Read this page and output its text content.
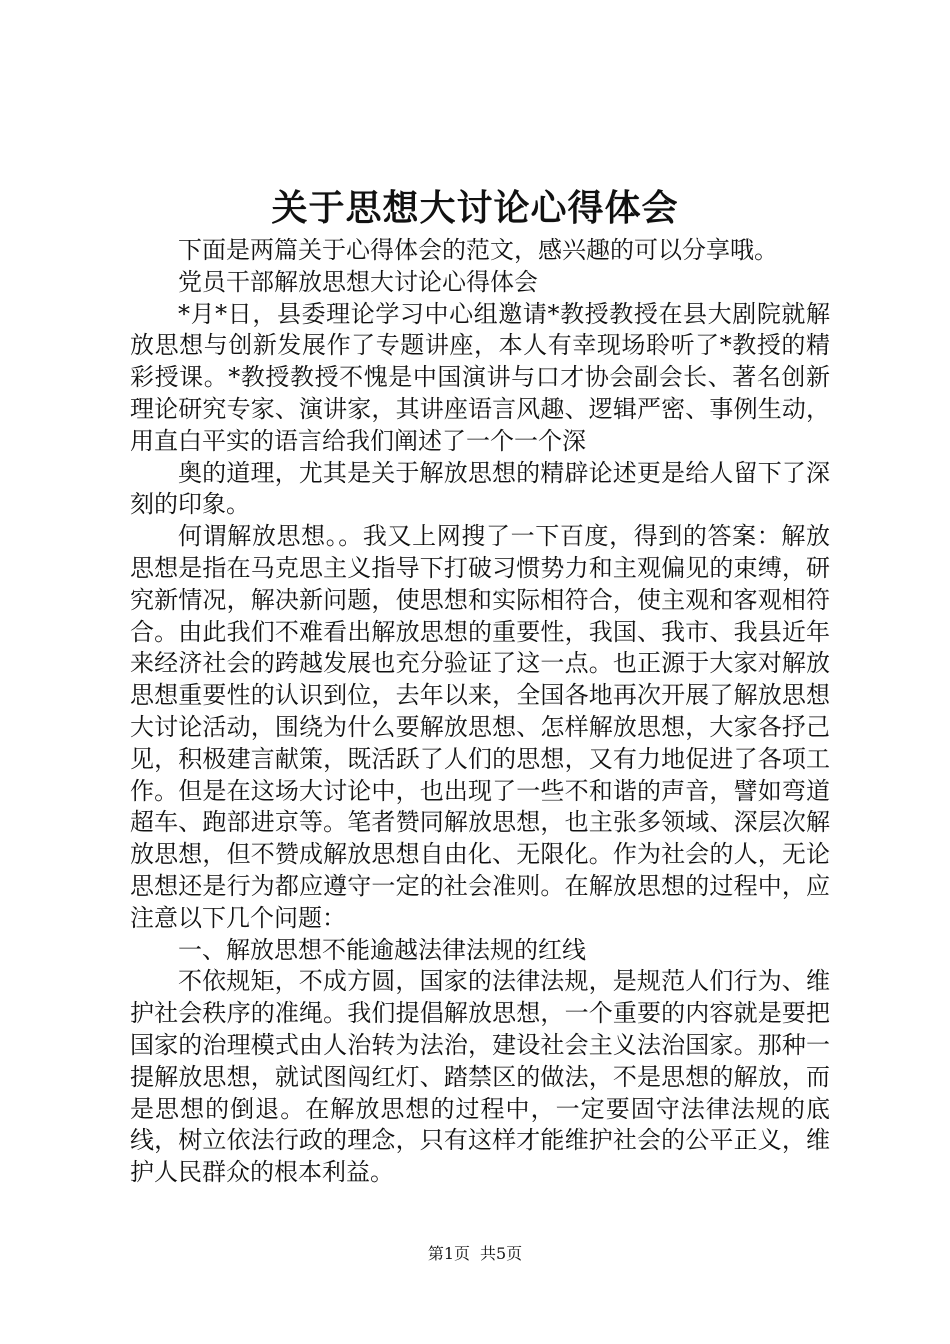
关于思想大讨论心得体会

下面是两篇关于心得体会的范文，感兴趣的可以分享哦。

党员干部解放思想大讨论心得体会

*月*日，县委理论学习中心组邀请*教授教授在县大剧院就解放思想与创新发展作了专题讲座，本人有幸现场聆听了*教授的精彩授课。*教授教授不愧是中国演讲与口才协会副会长、著名创新理论研究专家、演讲家，其讲座语言风趣、逻辑严密、事例生动，用直白平实的语言给我们阐述了一个一个深

奥的道理，尤其是关于解放思想的精辟论述更是给人留下了深刻的印象。

何谓解放思想。。我又上网搜了一下百度，得到的答案：解放思想是指在马克思主义指导下打破习惯势力和主观偏见的束缚，研究新情况，解决新问题，使思想和实际相符合，使主观和客观相符合。由此我们不难看出解放思想的重要性，我国、我市、我县近年来经济社会的跨越发展也充分验证了这一点。也正源于大家对解放思想重要性的认识到位，去年以来，全国各地再次开展了解放思想大讨论活动，围绕为什么要解放思想、怎样解放思想，大家各抒己见，积极建言献策，既活跃了人们的思想，又有力地促进了各项工作。但是在这场大讨论中，也出现了一些不和谐的声音，譬如弯道超车、跑部进京等。笔者赞同解放思想，也主张多领域、深层次解放思想，但不赞成解放思想自由化、无限化。作为社会的人，无论思想还是行为都应遵守一定的社会准则。在解放思想的过程中，应注意以下几个问题：

一、解放思想不能逾越法律法规的红线

不依规矩，不成方圆，国家的法律法规，是规范人们行为、维护社会秩序的准绳。我们提倡解放思想，一个重要的内容就是要把国家的治理模式由人治转为法治，建设社会主义法治国家。那种一提解放思想，就试图闯红灯、踏禁区的做法，不是思想的解放，而是思想的倒退。在解放思想的过程中，一定要固守法律法规的底线，树立依法行政的理念，只有这样才能维护社会的公平正义，维护人民群众的根本利益。

第1页 共5页
